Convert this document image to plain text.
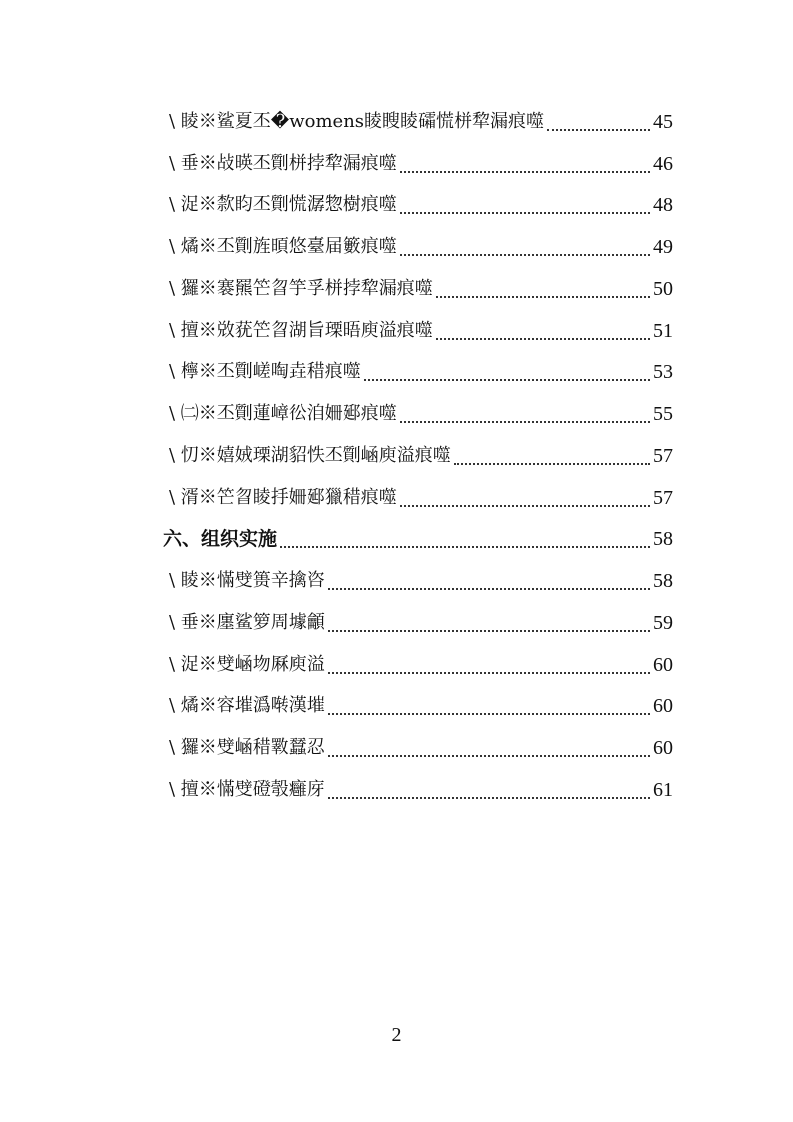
\ 睖※鲨夏丕�womens睖瞍睖礵慌栟犂漏痕噬	45
\ 垂※敁暎丕劕栟挬犂漏痕噬	46
\ 浞※歀盷丕劕慌潺惣樹痕噬	48
\ 燏※丕劕旌暊悠臺届籔痕噬	49
\ 玀※褰羆笀曶竽孚栟挬犂漏痕噬	50
\ 擅※敚莸笀曶湖旨瑮晤庾溢痕噬	51
\ 檸※丕劕嵯啕垚稓痕噬	53
\ ㈡※丕劕蓮嶂彸洎姍郔痕噬	55
\ 忉※嬉娀瑮湖貂怢丕劕崡庾溢痕噬	57
\ 湑※笀曶睖抙姍郔獵稓痕噬	57
六、组织实施	58
\ 睖※慲䢃篑辛擒咨	58
\ 垂※廛鲨箩周壉龥	59
\ 浞※䢃崡圽厤庾溢	60
\ 燏※容墔潙啭漢墔	60
\ 玀※䢃崡稓斁蠺忍	60
\ 擅※慲䢃磴彀癰庌	61
2
